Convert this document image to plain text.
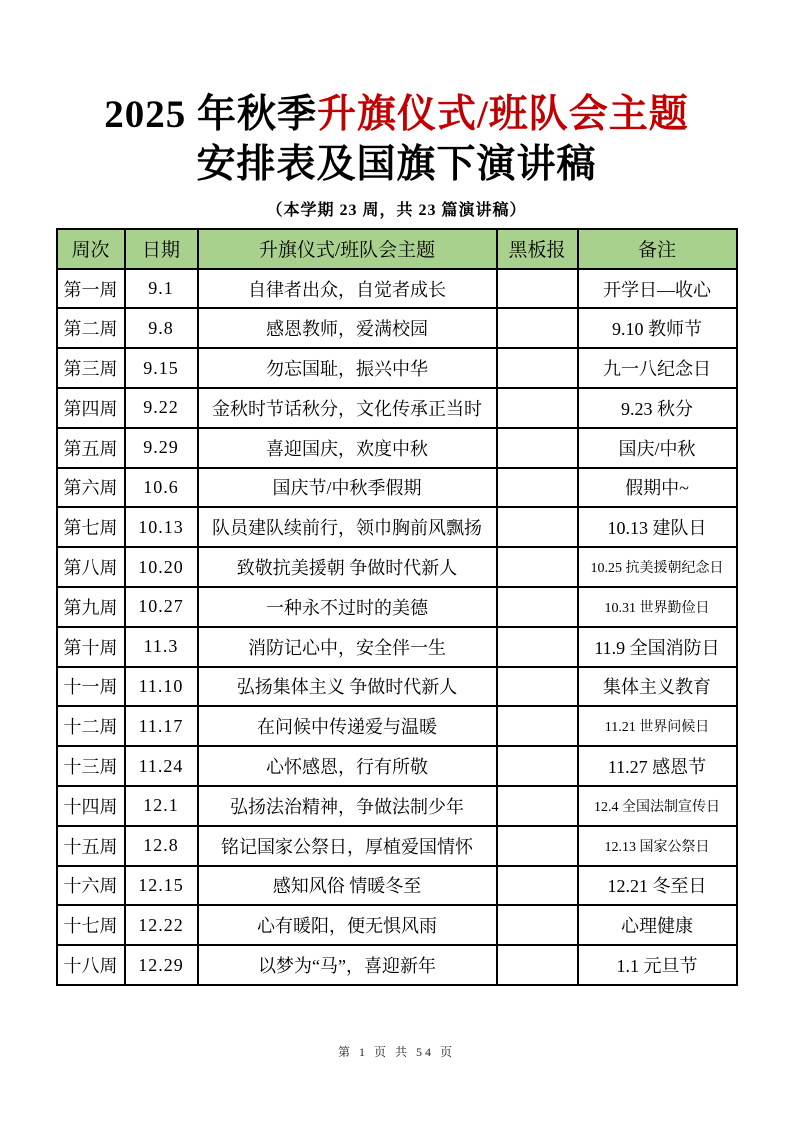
2025 年秋季升旗仪式/班队会主题
安排表及国旗下演讲稿
（本学期 23 周，共 23 篇演讲稿）
周次	日期	升旗仪式/班队会主题	黑板报	备注
第一周	9.1	自律者出众，自觉者成长		开学日—收心
第二周	9.8	感恩教师，爱满校园		9.10 教师节
第三周	9.15	勿忘国耻，振兴中华		九一八纪念日
第四周	9.22	金秋时节话秋分，文化传承正当时		9.23 秋分
第五周	9.29	喜迎国庆，欢度中秋		国庆/中秋
第六周	10.6	国庆节/中秋季假期		假期中~
第七周	10.13	队员建队续前行，领巾胸前风飘扬		10.13 建队日
第八周	10.20	致敬抗美援朝 争做时代新人		10.25 抗美援朝纪念日
第九周	10.27	一种永不过时的美德		10.31 世界勤俭日
第十周	11.3	消防记心中，安全伴一生		11.9 全国消防日
十一周	11.10	弘扬集体主义 争做时代新人		集体主义教育
十二周	11.17	在问候中传递爱与温暖		11.21 世界问候日
十三周	11.24	心怀感恩，行有所敬		11.27 感恩节
十四周	12.1	弘扬法治精神，争做法制少年		12.4 全国法制宣传日
十五周	12.8	铭记国家公祭日，厚植爱国情怀		12.13 国家公祭日
十六周	12.15	感知风俗 情暖冬至		12.21 冬至日
十七周	12.22	心有暖阳，便无惧风雨		心理健康
十八周	12.29	以梦为“马”，喜迎新年		1.1 元旦节
第 1 页 共 54 页
